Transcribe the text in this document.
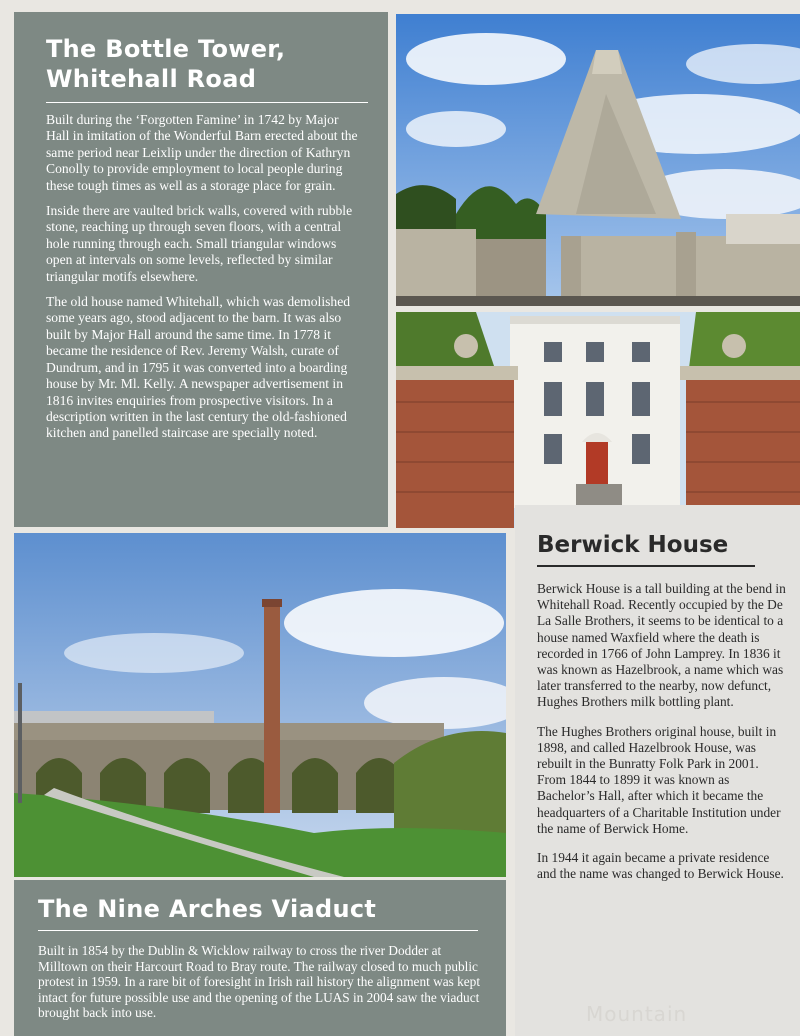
The Bottle Tower,
Whitehall Road

Built during the ‘Forgotten Famine’ in 1742 by Major Hall in imitation of the Wonderful Barn erected about the same period near Leixlip under the direction of Kathryn Conolly to provide employment to local people during these tough times as well as a storage place for grain.

Inside there are vaulted brick walls, covered with rubble stone, reaching up through seven floors, with a central hole running through each. Small triangular windows open at intervals on some levels, reflected by similar triangular motifs elsewhere.

The old house named Whitehall, which was demolished some years ago, stood adjacent to the barn. It was also built by Major Hall around the same time. In 1778 it became the residence of Rev. Jeremy Walsh, curate of Dundrum, and in 1795 it was converted into a boarding house by Mr. Ml. Kelly. A newspaper advertisement in 1816 invites enquiries from prospective visitors. In a description written in the last century the old-fashioned kitchen and panelled staircase are specially noted.

Berwick House

Berwick House is a tall building at the bend in Whitehall Road. Recently occupied by the De La Salle Brothers, it seems to be identical to a house named Waxfield where the death is recorded in 1766 of John Lamprey. In 1836 it was known as Hazelbrook, a name which was later transferred to the nearby, now defunct, Hughes Brothers milk bottling plant.

The Hughes Brothers original house, built in 1898, and called Hazelbrook House, was rebuilt in the Bunratty Folk Park in 2001. From 1844 to 1899 it was known as Bachelor’s Hall, after which it became the headquarters of a Charitable Institution under the name of Berwick Home.

In 1944 it again became a private residence and the name was changed to Berwick House.

The Nine Arches Viaduct

Built in 1854 by the Dublin & Wicklow railway to cross the river Dodder at Milltown on their Harcourt Road to Bray route. The railway closed to much public protest in 1959. In a rare bit of foresight in Irish rail history the alignment was kept intact for future possible use and the opening of the LUAS in 2004 saw the viaduct brought back into use.	Mountain
